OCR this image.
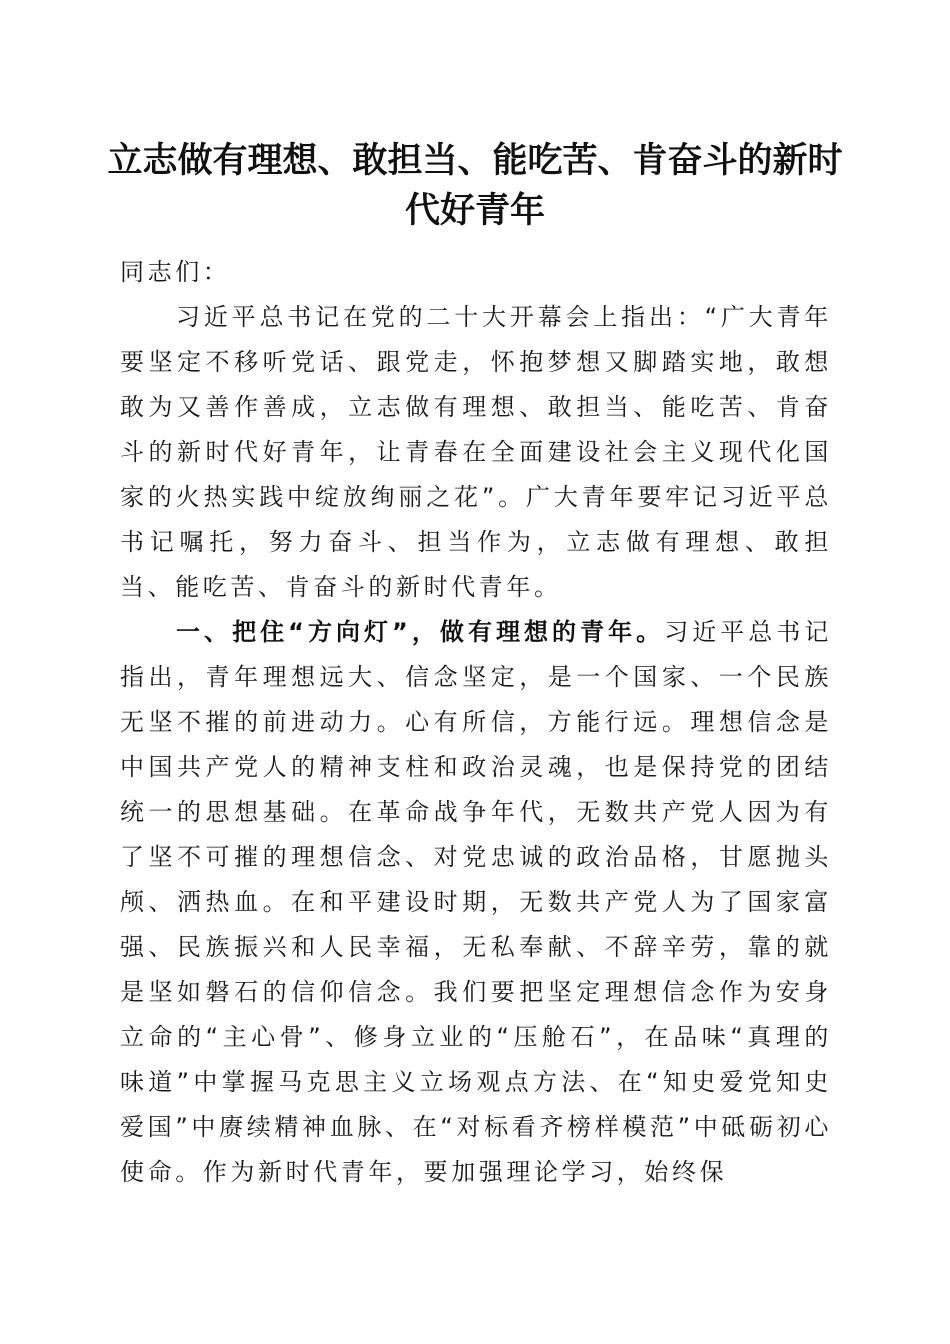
立志做有理想、敢担当、能吃苦、肯奋斗的新时代好青年

同志们：

习近平总书记在党的二十大开幕会上指出：“广大青年要坚定不移听党话、跟党走，怀抱梦想又脚踏实地，敢想敢为又善作善成，立志做有理想、敢担当、能吃苦、肯奋斗的新时代好青年，让青春在全面建设社会主义现代化国家的火热实践中绽放绚丽之花”。广大青年要牢记习近平总书记嘱托，努力奋斗、担当作为，立志做有理想、敢担当、能吃苦、肯奋斗的新时代青年。

一、把住“方向灯”，做有理想的青年。习近平总书记指出，青年理想远大、信念坚定，是一个国家、一个民族无坚不摧的前进动力。心有所信，方能行远。理想信念是中国共产党人的精神支柱和政治灵魂，也是保持党的团结统一的思想基础。在革命战争年代，无数共产党人因为有了坚不可摧的理想信念、对党忠诚的政治品格，甘愿抛头颅、洒热血。在和平建设时期，无数共产党人为了国家富强、民族振兴和人民幸福，无私奉献、不辞辛劳，靠的就是坚如磐石的信仰信念。我们要把坚定理想信念作为安身立命的“主心骨”、修身立业的“压舱石”，在品味“真理的味道”中掌握马克思主义立场观点方法、在“知史爱党知史爱国”中赓续精神血脉、在“对标看齐榜样模范”中砥砺初心使命。作为新时代青年，要加强理论学习，始终保
